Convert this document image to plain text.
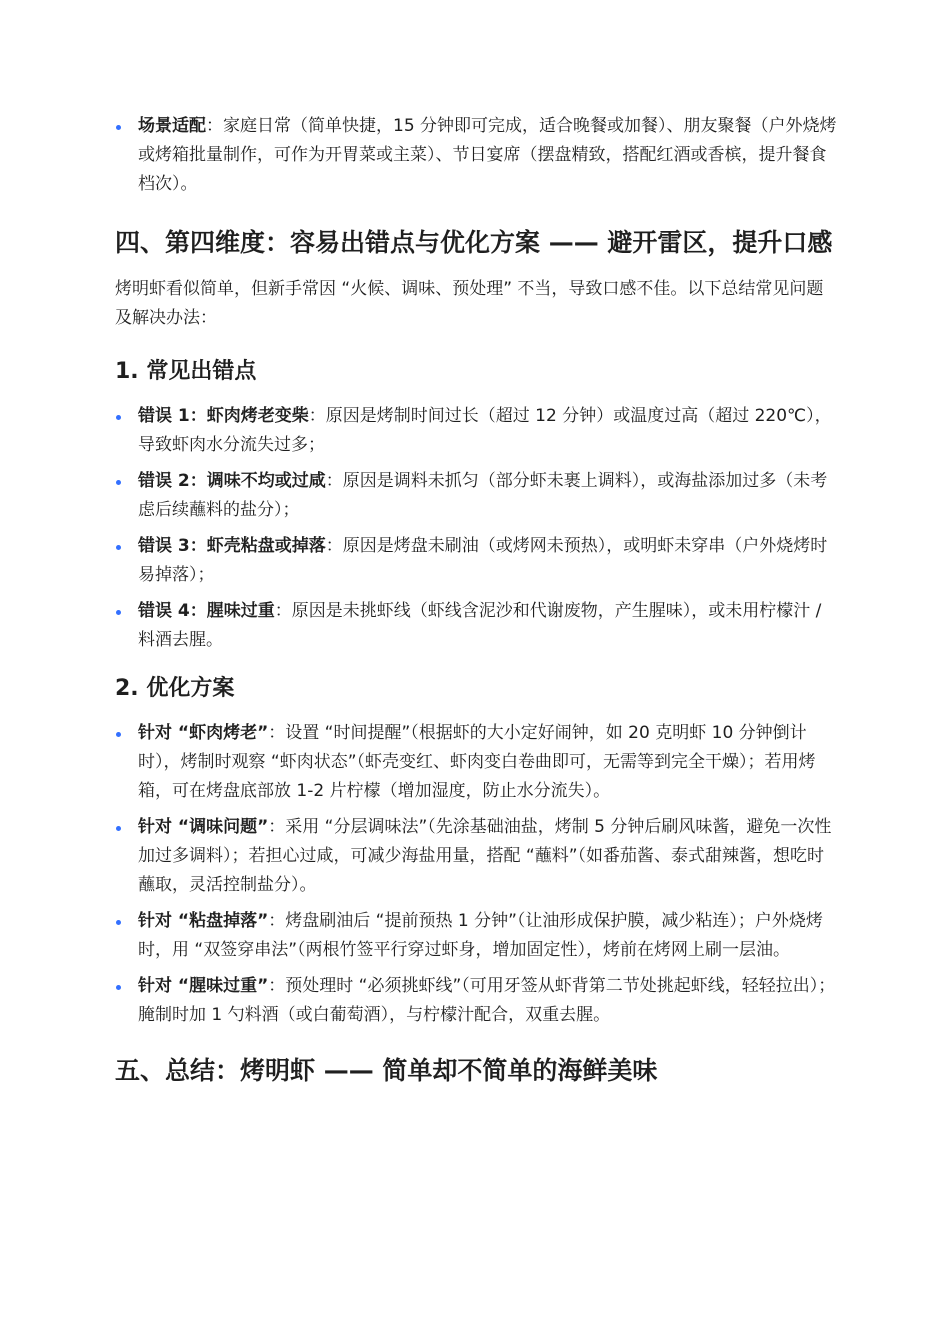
场景适配：家庭日常（简单快捷，15 分钟即可完成，适合晚餐或加餐）、朋友聚餐（户外烧烤或烤箱批量制作，可作为开胃菜或主菜）、节日宴席（摆盘精致，搭配红酒或香槟，提升餐食档次）。
四、第四维度：容易出错点与优化方案 —— 避开雷区，提升口感

烤明虾看似简单，但新手常因 “火候、调味、预处理” 不当，导致口感不佳。以下总结常见问题及解决办法：

1. 常见出错点
错误 1：虾肉烤老变柴：原因是烤制时间过长（超过 12 分钟）或温度过高（超过 220℃），导致虾肉水分流失过多；
错误 2：调味不均或过咸：原因是调料未抓匀（部分虾未裹上调料），或海盐添加过多（未考虑后续蘸料的盐分）；
错误 3：虾壳粘盘或掉落：原因是烤盘未刷油（或烤网未预热），或明虾未穿串（户外烧烤时易掉落）；
错误 4：腥味过重：原因是未挑虾线（虾线含泥沙和代谢废物，产生腥味），或未用柠檬汁 / 料酒去腥。
2. 优化方案
针对 “虾肉烤老”：设置 “时间提醒”（根据虾的大小定好闹钟，如 20 克明虾 10 分钟倒计时），烤制时观察 “虾肉状态”（虾壳变红、虾肉变白卷曲即可，无需等到完全干燥）；若用烤箱，可在烤盘底部放 1-2 片柠檬（增加湿度，防止水分流失）。
针对 “调味问题”：采用 “分层调味法”（先涂基础油盐，烤制 5 分钟后刷风味酱，避免一次性加过多调料）；若担心过咸，可减少海盐用量，搭配 “蘸料”（如番茄酱、泰式甜辣酱，想吃时蘸取，灵活控制盐分）。
针对 “粘盘掉落”：烤盘刷油后 “提前预热 1 分钟”（让油形成保护膜，减少粘连）；户外烧烤时，用 “双签穿串法”（两根竹签平行穿过虾身，增加固定性），烤前在烤网上刷一层油。
针对 “腥味过重”：预处理时 “必须挑虾线”（可用牙签从虾背第二节处挑起虾线，轻轻拉出）；腌制时加 1 勺料酒（或白葡萄酒），与柠檬汁配合，双重去腥。
五、总结：烤明虾 —— 简单却不简单的海鲜美味
